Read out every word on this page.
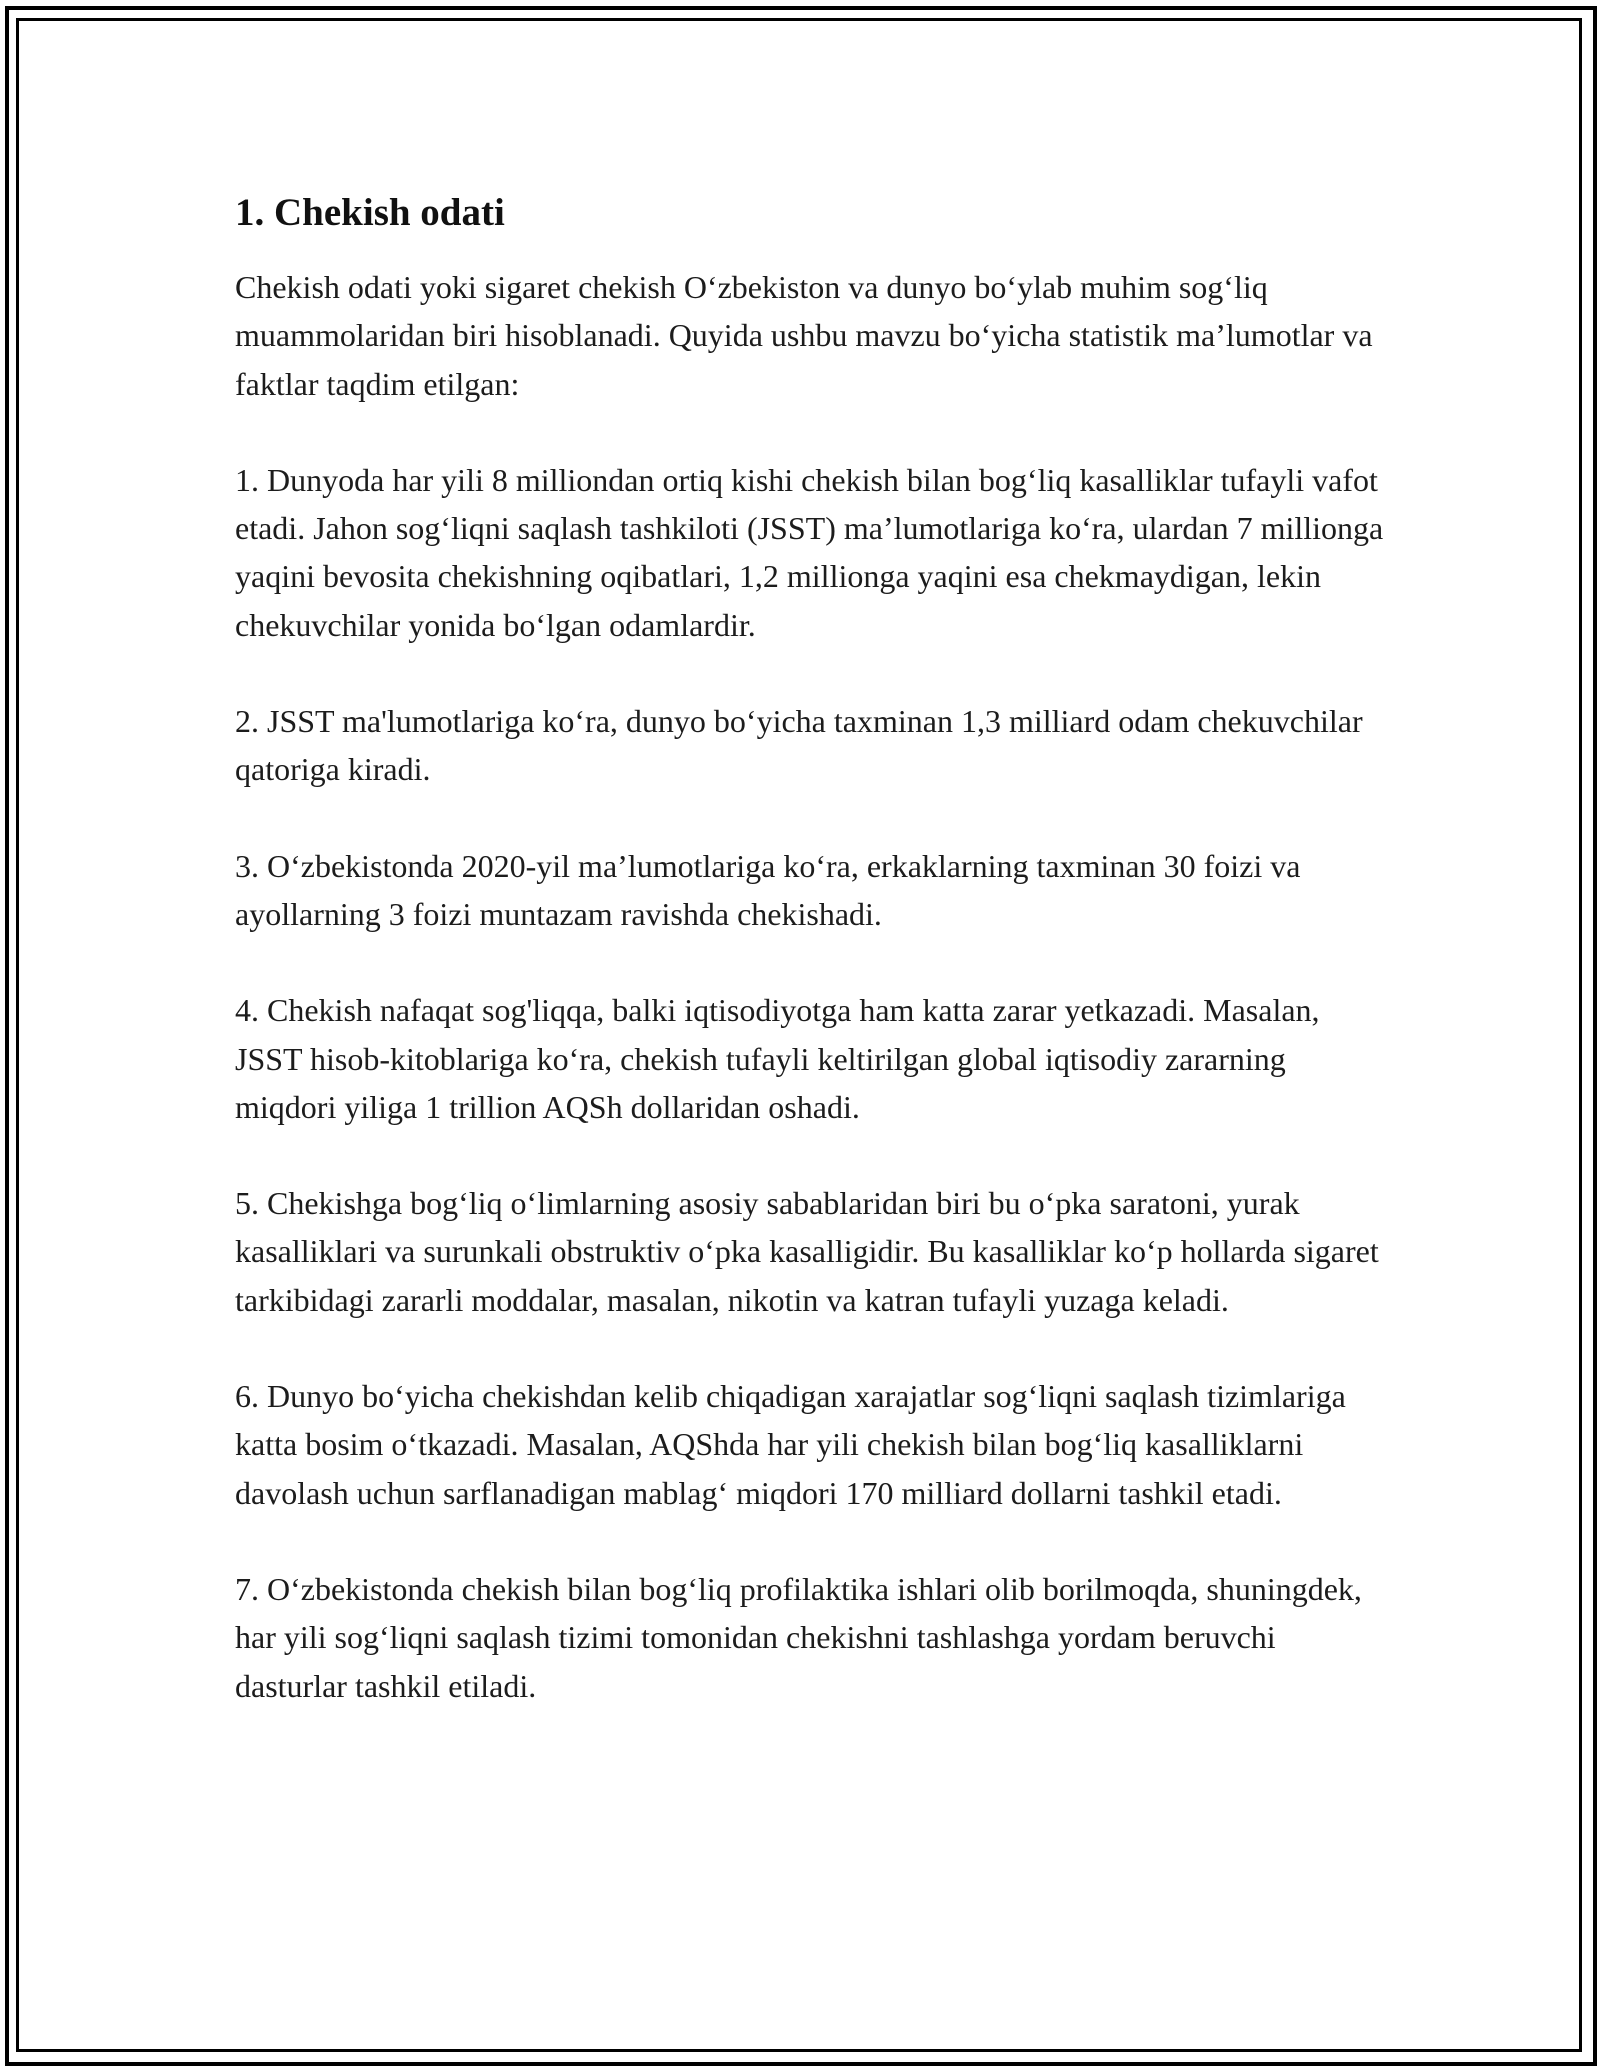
1. Chekish odati

Chekish odati yoki sigaret chekish O‘zbekiston va dunyo bo‘ylab muhim sog‘liq muammolaridan biri hisoblanadi. Quyida ushbu mavzu bo‘yicha statistik ma’lumotlar va faktlar taqdim etilgan:

1. Dunyoda har yili 8 milliondan ortiq kishi chekish bilan bog‘liq kasalliklar tufayli vafot etadi. Jahon sog‘liqni saqlash tashkiloti (JSST) ma’lumotlariga ko‘ra, ulardan 7 millionga yaqini bevosita chekishning oqibatlari, 1,2 millionga yaqini esa chekmaydigan, lekin chekuvchilar yonida bo‘lgan odamlardir.
2. JSST ma'lumotlariga ko‘ra, dunyo bo‘yicha taxminan 1,3 milliard odam chekuvchilar qatoriga kiradi.
3. O‘zbekistonda 2020-yil ma’lumotlariga ko‘ra, erkaklarning taxminan 30 foizi va ayollarning 3 foizi muntazam ravishda chekishadi.
4. Chekish nafaqat sog'liqqa, balki iqtisodiyotga ham katta zarar yetkazadi. Masalan, JSST hisob-kitoblariga ko‘ra, chekish tufayli keltirilgan global iqtisodiy zararning miqdori yiliga 1 trillion AQSh dollaridan oshadi.
5. Chekishga bog‘liq o‘limlarning asosiy sabablaridan biri bu o‘pka saratoni, yurak kasalliklari va surunkali obstruktiv o‘pka kasalligidir. Bu kasalliklar ko‘p hollarda sigaret tarkibidagi zararli moddalar, masalan, nikotin va katran tufayli yuzaga keladi.
6. Dunyo bo‘yicha chekishdan kelib chiqadigan xarajatlar sog‘liqni saqlash tizimlariga katta bosim o‘tkazadi. Masalan, AQShda har yili chekish bilan bog‘liq kasalliklarni davolash uchun sarflanadigan mablag‘ miqdori 170 milliard dollarni tashkil etadi.
7. O‘zbekistonda chekish bilan bog‘liq profilaktika ishlari olib borilmoqda, shuningdek, har yili sog‘liqni saqlash tizimi tomonidan chekishni tashlashga yordam beruvchi dasturlar tashkil etiladi.
